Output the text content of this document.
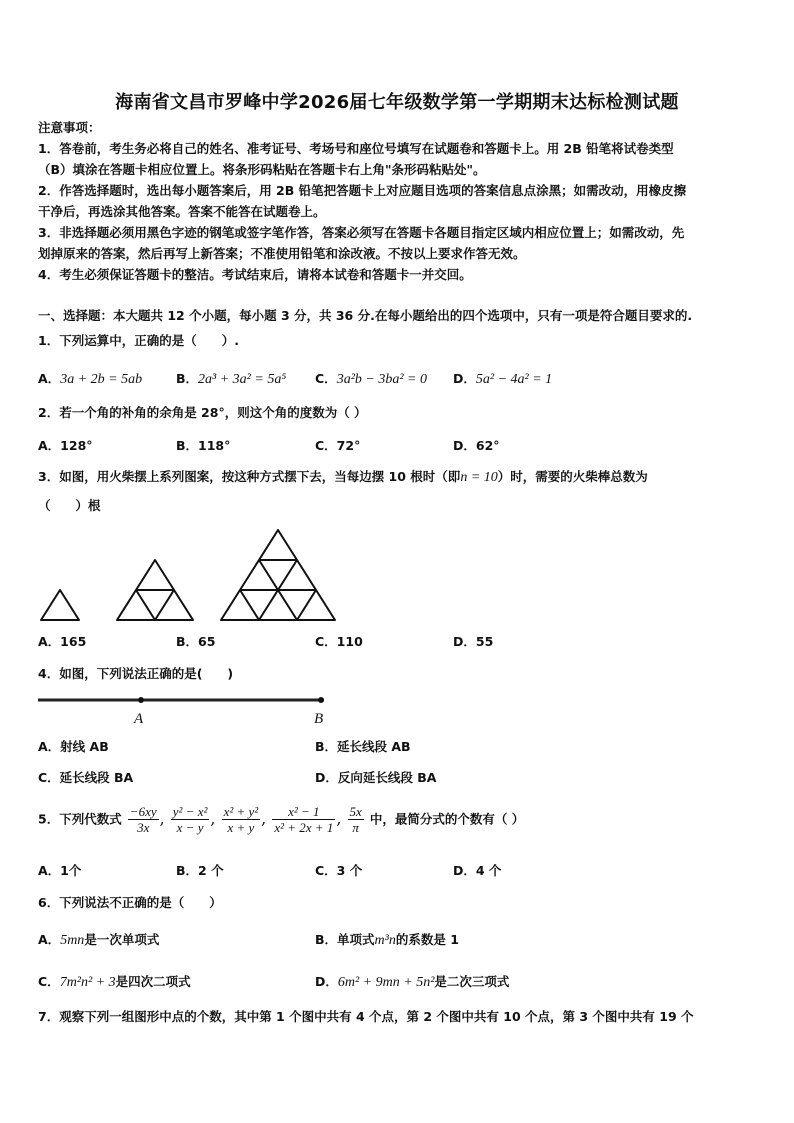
海南省文昌市罗峰中学2026届七年级数学第一学期期末达标检测试题
注意事项：
1．答卷前，考生务必将自己的姓名、准考证号、考场号和座位号填写在试题卷和答题卡上。用 2B 铅笔将试卷类型
（B）填涂在答题卡相应位置上。将条形码粘贴在答题卡右上角"条形码粘贴处"。
2．作答选择题时，选出每小题答案后，用 2B 铅笔把答题卡上对应题目选项的答案信息点涂黑；如需改动，用橡皮擦
干净后，再选涂其他答案。答案不能答在试题卷上。
3．非选择题必须用黑色字迹的钢笔或签字笔作答，答案必须写在答题卡各题目指定区域内相应位置上；如需改动，先
划掉原来的答案，然后再写上新答案；不准使用铅笔和涂改液。不按以上要求作答无效。
4．考生必须保证答题卡的整洁。考试结束后，请将本试卷和答题卡一并交回。
一、选择题：本大题共 12 个小题，每小题 3 分，共 36 分.在每小题给出的四个选项中，只有一项是符合题目要求的.
1．下列运算中，正确的是（　　）.
A．3a + 2b = 5ab	B．2a³ + 3a² = 5a⁵ C．3a²b − 3ba² = 0 D．5a² − 4a² = 1
2．若一个角的补角的余角是 28°，则这个角的度数为（ ）
A．128°	B．118°	C．72°	D．62°
3．如图，用火柴摆上系列图案，按这种方式摆下去，当每边摆 10 根时（即n = 10）时，需要的火柴棒总数为
（　　）根
A．165	B．65	C．110	D．55
4．如图，下列说法正确的是(　　)
A	B
A．射线 AB	B．延长线段 AB
C．延长线段 BA	D．反向延长线段 BA
5．下列代数式 $\frac{-6xy}{3x}$ , $\frac{\text{y² − x²}}{x - y}$ , $\frac{\text{x² + y²}}{x + y}$ , $\frac{\text{x² − 1}}{\text{x² + 2x + 1}}$ , $\frac{5x}{\pi}$ 中，最简分式的个数有（ ）
A．1个	B．2 个	C．3 个	D．4 个
6．下列说法不正确的是（　　）
A．5mn是一次单项式	B．单项式m³n的系数是 1
C．7m²n² + 3是四次二项式	D．6m² + 9mn + 5n²是二次三项式
7．观察下列一组图形中点的个数，其中第 1 个图中共有 4 个点，第 2 个图中共有 10 个点，第 3 个图中共有 19 个
